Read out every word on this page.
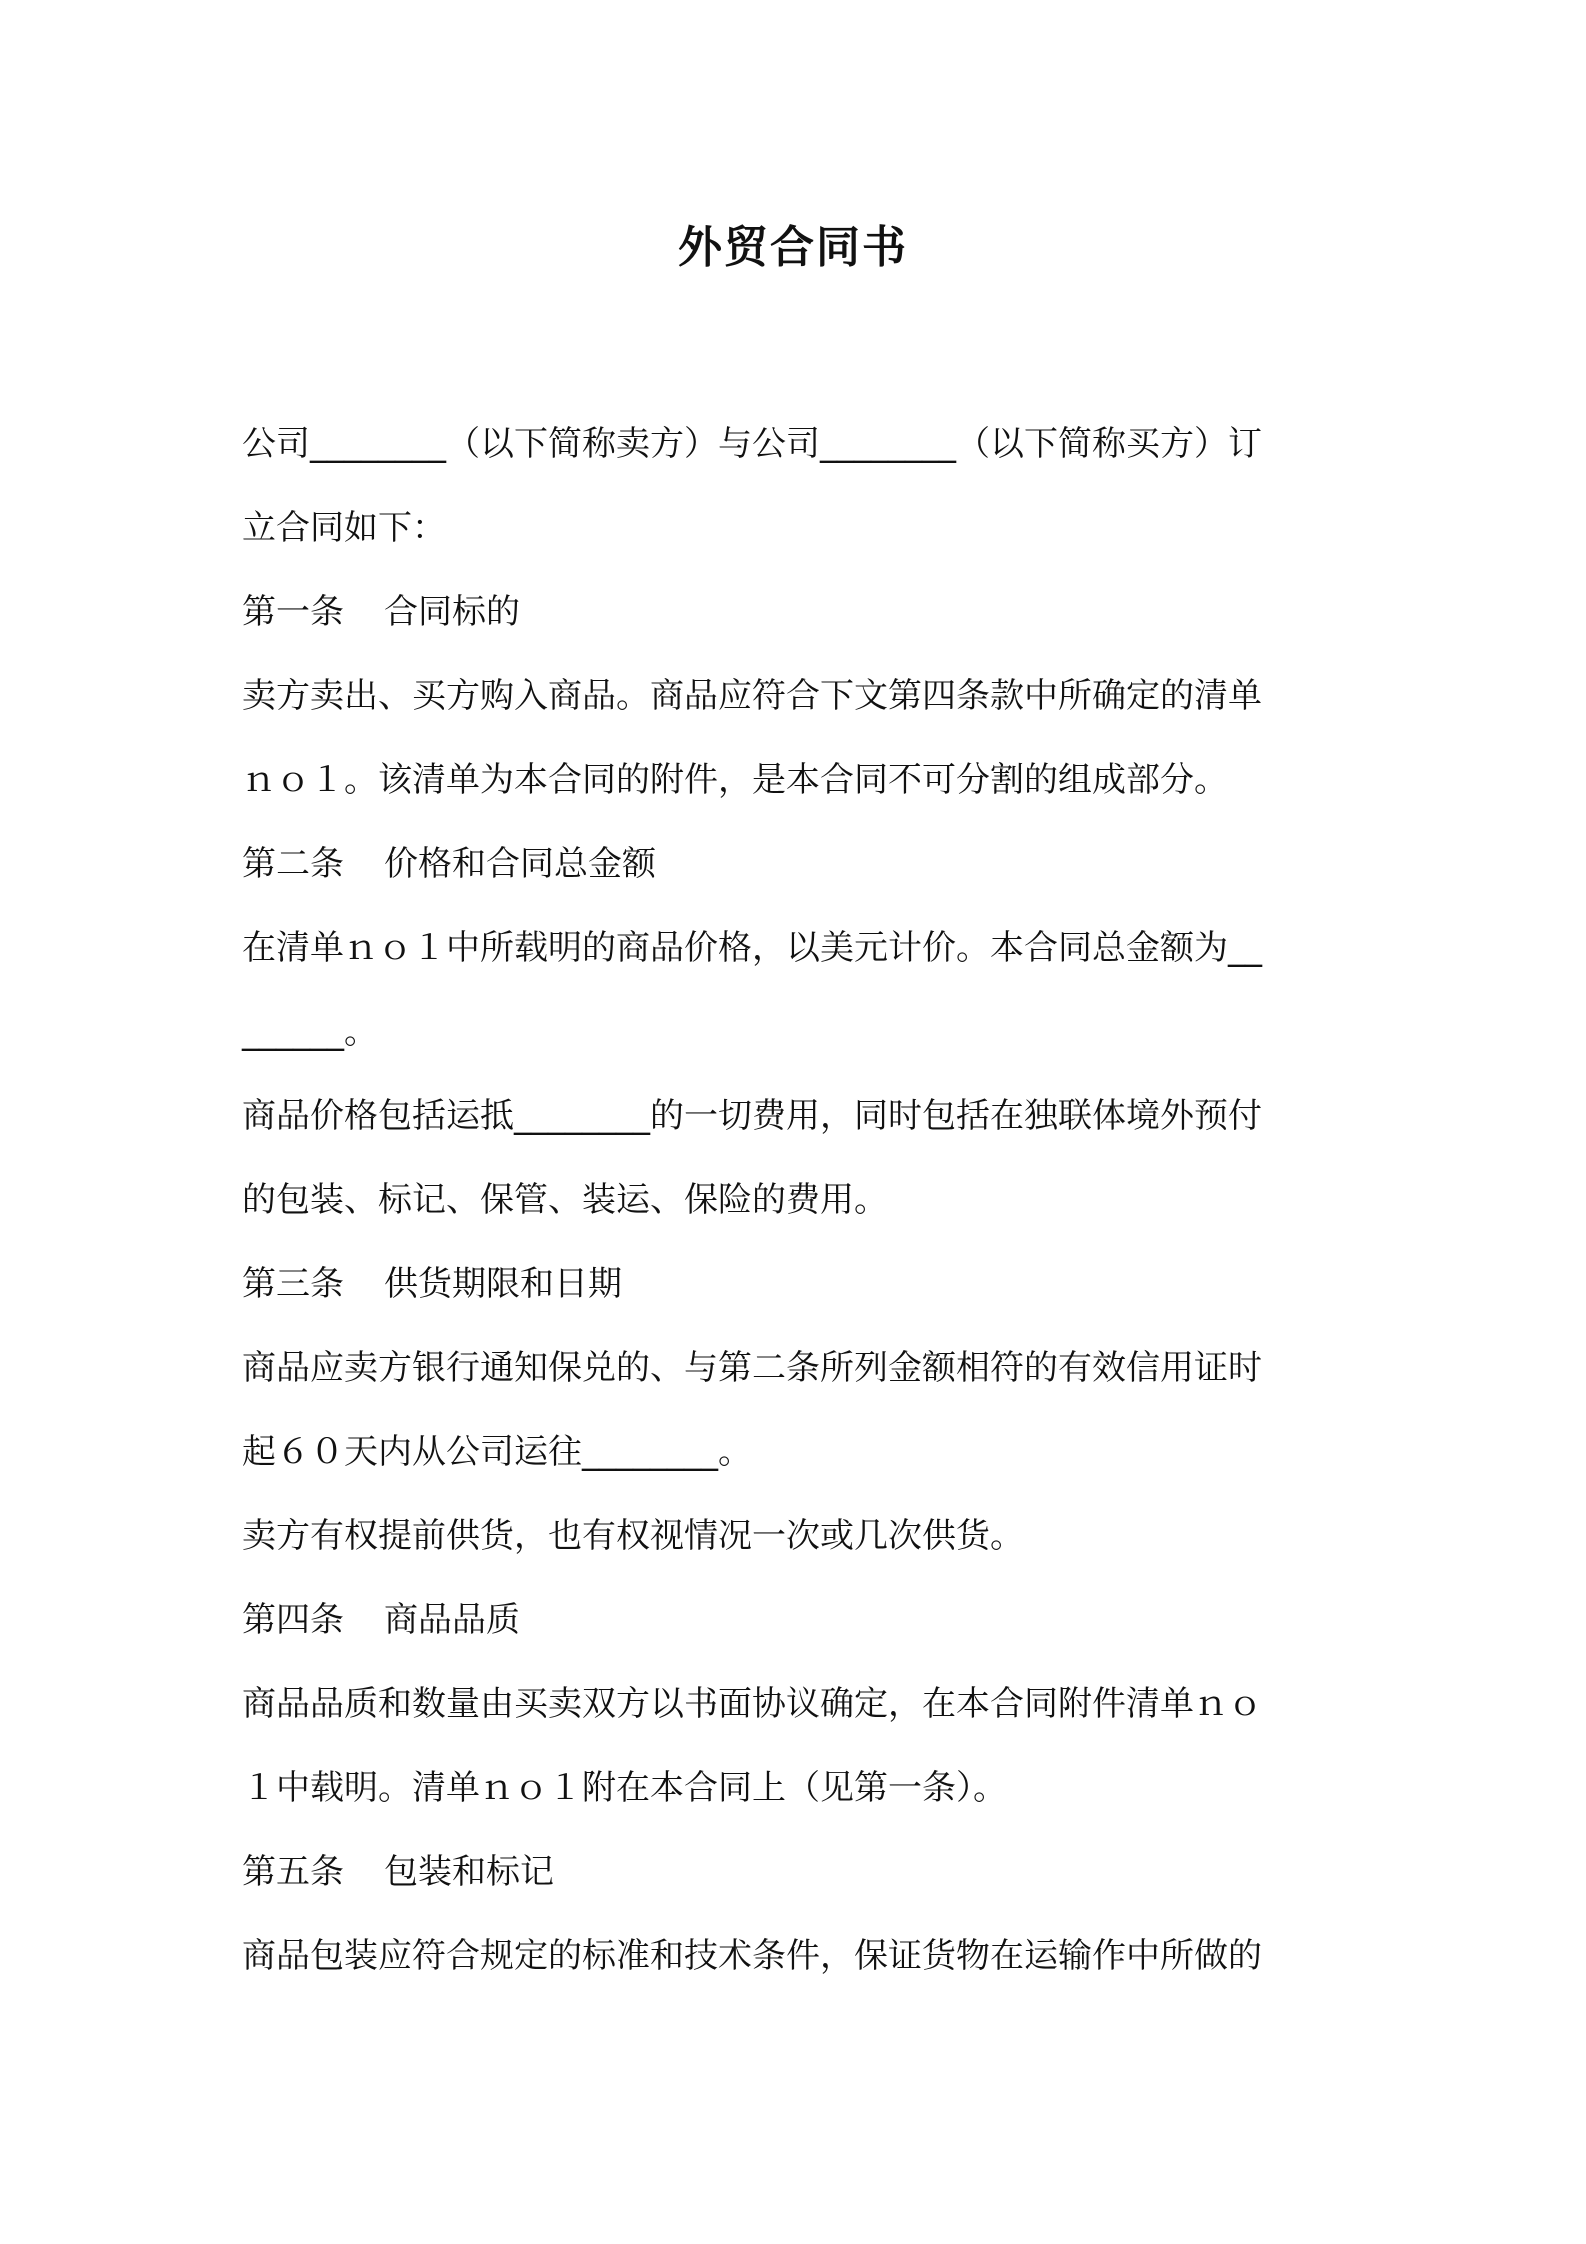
外贸合同书
公司________（以下简称卖方）与公司________（以下简称买方）订
立合同如下：
第一条 合同标的
卖方卖出、买方购入商品。商品应符合下文第四条款中所确定的清单
ｎｏ１。该清单为本合同的附件，是本合同不可分割的组成部分。
第二条 价格和合同总金额
在清单ｎｏ１中所载明的商品价格，以美元计价。本合同总金额为__
______。
商品价格包括运抵________的一切费用，同时包括在独联体境外预付
的包装、标记、保管、装运、保险的费用。
第三条 供货期限和日期
商品应卖方银行通知保兑的、与第二条所列金额相符的有效信用证时
起６０天内从公司运往________。
卖方有权提前供货，也有权视情况一次或几次供货。
第四条 商品品质
商品品质和数量由买卖双方以书面协议确定，在本合同附件清单ｎｏ
１中载明。清单ｎｏ１附在本合同上（见第一条）。
第五条 包装和标记
商品包装应符合规定的标准和技术条件，保证货物在运输作中所做的
